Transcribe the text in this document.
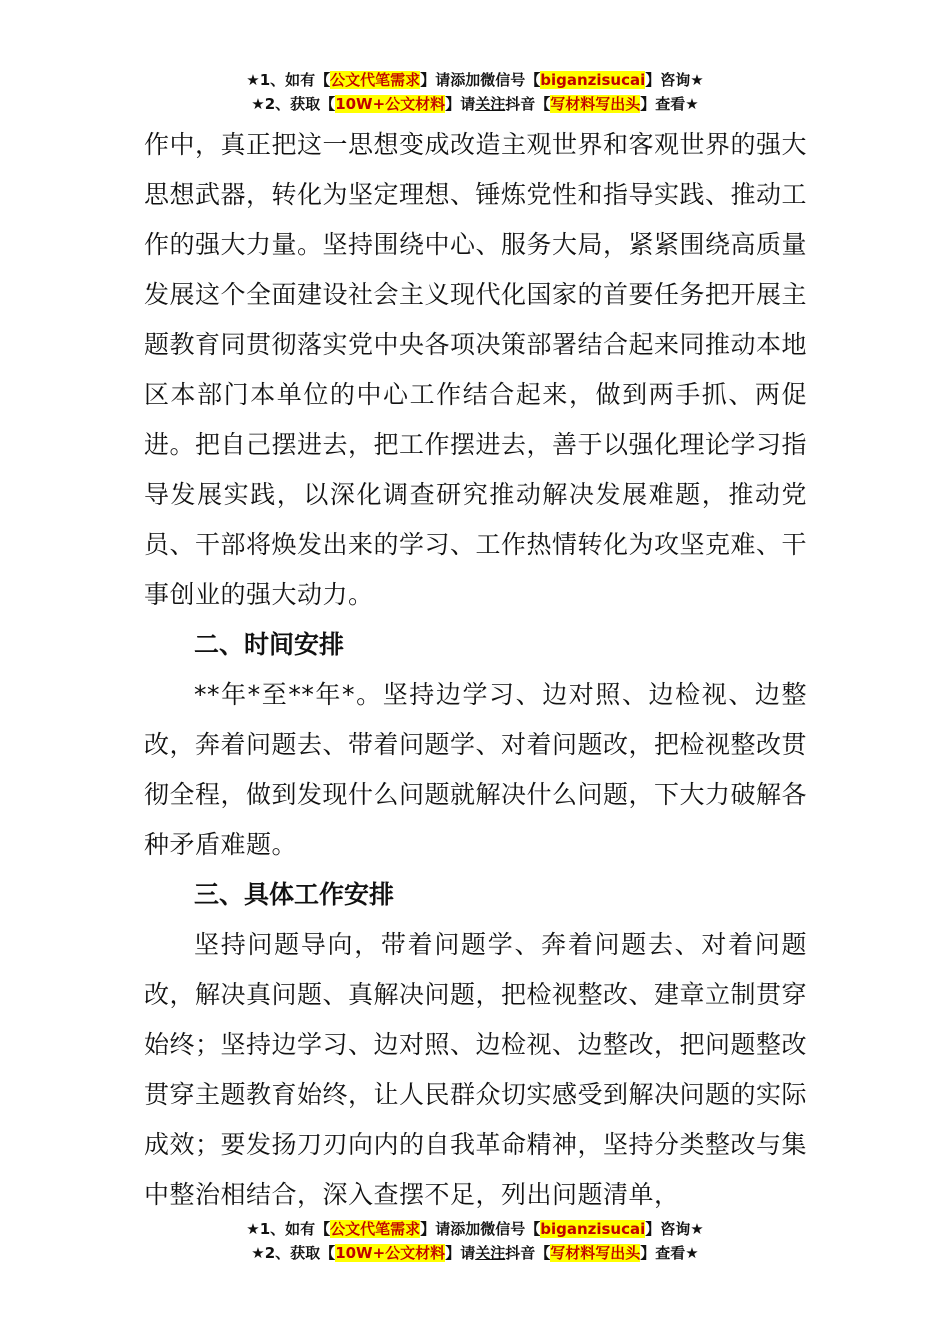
★1、如有【公文代笔需求】请添加微信号【biganzisucai】咨询★
★2、获取【10W+公文材料】请关注抖音【写材料写出头】查看★

作中，真正把这一思想变成改造主观世界和客观世界的强大思想武器，转化为坚定理想、锤炼党性和指导实践、推动工作的强大力量。坚持围绕中心、服务大局，紧紧围绕高质量发展这个全面建设社会主义现代化国家的首要任务把开展主题教育同贯彻落实党中央各项决策部署结合起来同推动本地区本部门本单位的中心工作结合起来，做到两手抓、两促进。把自己摆进去，把工作摆进去，善于以强化理论学习指导发展实践，以深化调查研究推动解决发展难题，推动党员、干部将焕发出来的学习、工作热情转化为攻坚克难、干事创业的强大动力。

二、时间安排

**年*至**年*。坚持边学习、边对照、边检视、边整改，奔着问题去、带着问题学、对着问题改，把检视整改贯彻全程，做到发现什么问题就解决什么问题，下大力破解各种矛盾难题。

三、具体工作安排

坚持问题导向，带着问题学、奔着问题去、对着问题改，解决真问题、真解决问题，把检视整改、建章立制贯穿始终；坚持边学习、边对照、边检视、边整改，把问题整改贯穿主题教育始终，让人民群众切实感受到解决问题的实际成效；要发扬刀刃向内的自我革命精神，坚持分类整改与集中整治相结合，深入查摆不足，列出问题清单，

★1、如有【公文代笔需求】请添加微信号【biganzisucai】咨询★
★2、获取【10W+公文材料】请关注抖音【写材料写出头】查看★
